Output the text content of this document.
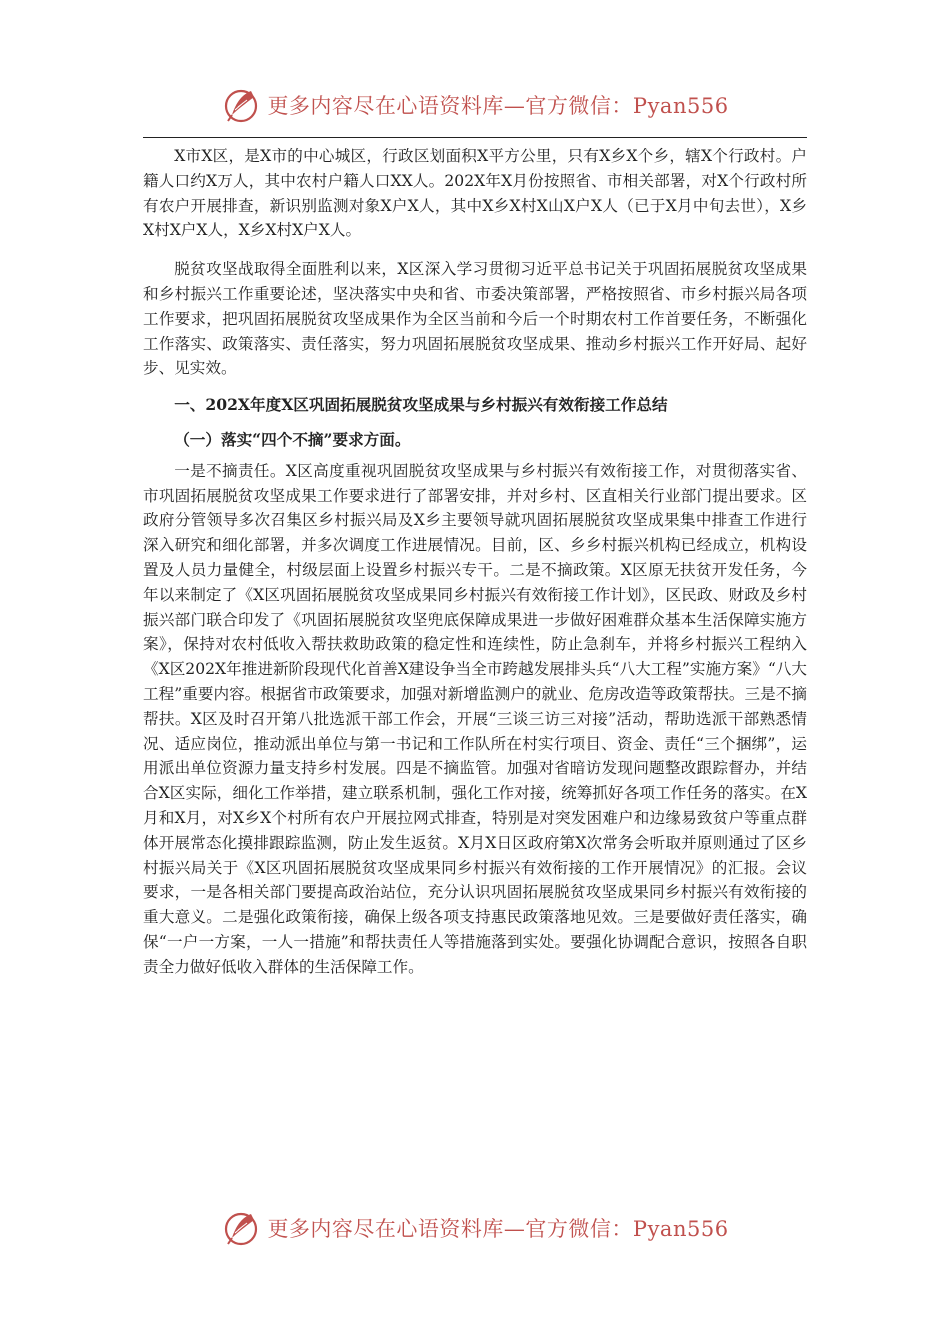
更多内容尽在心语资料库—官方微信：Pyan556

X市X区，是X市的中心城区，行政区划面积X平方公里，只有X乡X个乡，辖X个行政村。户籍人口约X万人，其中农村户籍人口XX人。202X年X月份按照省、市相关部署，对X个行政村所有农户开展排查，新识别监测对象X户X人，其中X乡X村X山X户X人（已于X月中旬去世），X乡X村X户X人，X乡X村X户X人。

脱贫攻坚战取得全面胜利以来，X区深入学习贯彻习近平总书记关于巩固拓展脱贫攻坚成果和乡村振兴工作重要论述，坚决落实中央和省、市委决策部署，严格按照省、市乡村振兴局各项工作要求，把巩固拓展脱贫攻坚成果作为全区当前和今后一个时期农村工作首要任务，不断强化工作落实、政策落实、责任落实，努力巩固拓展脱贫攻坚成果、推动乡村振兴工作开好局、起好步、见实效。

一、202X年度X区巩固拓展脱贫攻坚成果与乡村振兴有效衔接工作总结

（一）落实“四个不摘”要求方面。

一是不摘责任。X区高度重视巩固脱贫攻坚成果与乡村振兴有效衔接工作，对贯彻落实省、市巩固拓展脱贫攻坚成果工作要求进行了部署安排，并对乡村、区直相关行业部门提出要求。区政府分管领导多次召集区乡村振兴局及X乡主要领导就巩固拓展脱贫攻坚成果集中排查工作进行深入研究和细化部署，并多次调度工作进展情况。目前，区、乡乡村振兴机构已经成立，机构设置及人员力量健全，村级层面上设置乡村振兴专干。二是不摘政策。X区原无扶贫开发任务，今年以来制定了《X区巩固拓展脱贫攻坚成果同乡村振兴有效衔接工作计划》，区民政、财政及乡村振兴部门联合印发了《巩固拓展脱贫攻坚兜底保障成果进一步做好困难群众基本生活保障实施方案》，保持对农村低收入帮扶救助政策的稳定性和连续性，防止急刹车，并将乡村振兴工程纳入《X区202X年推进新阶段现代化首善X建设争当全市跨越发展排头兵“八大工程”实施方案》“八大工程”重要内容。根据省市政策要求，加强对新增监测户的就业、危房改造等政策帮扶。三是不摘帮扶。X区及时召开第八批选派干部工作会，开展“三谈三访三对接”活动，帮助选派干部熟悉情况、适应岗位，推动派出单位与第一书记和工作队所在村实行项目、资金、责任“三个捆绑”，运用派出单位资源力量支持乡村发展。四是不摘监管。加强对省暗访发现问题整改跟踪督办，并结合X区实际，细化工作举措，建立联系机制，强化工作对接，统筹抓好各项工作任务的落实。在X月和X月，对X乡X个村所有农户开展拉网式排查，特别是对突发困难户和边缘易致贫户等重点群体开展常态化摸排跟踪监测，防止发生返贫。X月X日区政府第X次常务会听取并原则通过了区乡村振兴局关于《X区巩固拓展脱贫攻坚成果同乡村振兴有效衔接的工作开展情况》的汇报。会议要求，一是各相关部门要提高政治站位，充分认识巩固拓展脱贫攻坚成果同乡村振兴有效衔接的重大意义。二是强化政策衔接，确保上级各项支持惠民政策落地见效。三是要做好责任落实，确保“一户一方案，一人一措施”和帮扶责任人等措施落到实处。要强化协调配合意识，按照各自职责全力做好低收入群体的生活保障工作。

更多内容尽在心语资料库—官方微信：Pyan556
